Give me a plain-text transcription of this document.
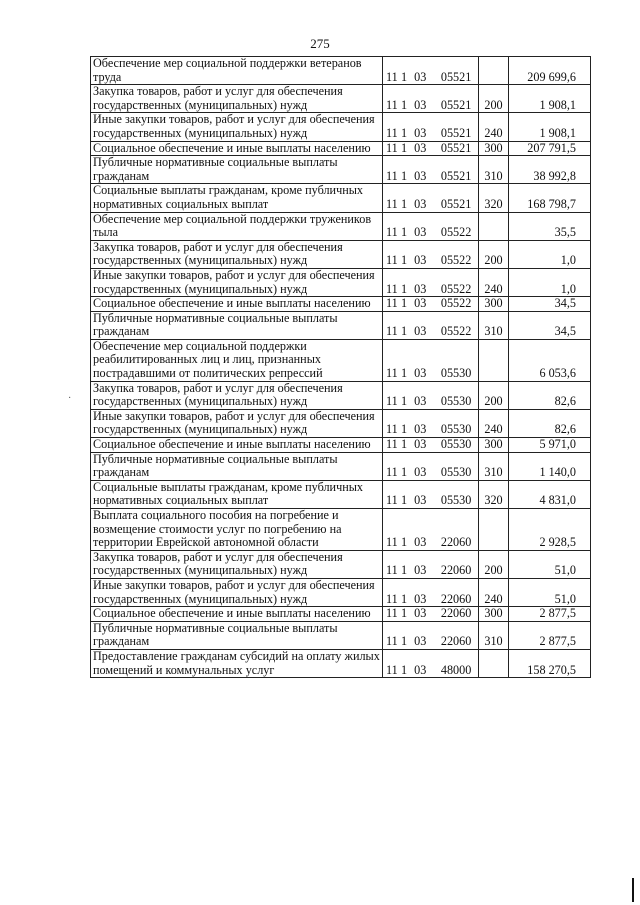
275
·
Обеспечение мер социальной поддержки ветеранов труда	11 1 03 05521		209 699,6
Закупка товаров, работ и услуг для обеспечения государственных (муниципальных) нужд	11 1 03 05521	200	1 908,1
Иные закупки товаров, работ и услуг для обеспечения государственных (муниципальных) нужд	11 1 03 05521	240	1 908,1
Социальное обеспечение и иные выплаты населению	11 1 03 05521	300	207 791,5
Публичные нормативные социальные выплаты гражданам	11 1 03 05521	310	38 992,8
Социальные выплаты гражданам, кроме публичных нормативных социальных выплат	11 1 03 05521	320	168 798,7
Обеспечение мер социальной поддержки тружеников тыла	11 1 03 05522		35,5
Закупка товаров, работ и услуг для обеспечения государственных (муниципальных) нужд	11 1 03 05522	200	1,0
Иные закупки товаров, работ и услуг для обеспечения государственных (муниципальных) нужд	11 1 03 05522	240	1,0
Социальное обеспечение и иные выплаты населению	11 1 03 05522	300	34,5
Публичные нормативные социальные выплаты гражданам	11 1 03 05522	310	34,5
Обеспечение мер социальной поддержки реабилитированных лиц и лиц, признанных пострадавшими от политических репрессий	11 1 03 05530		6 053,6
Закупка товаров, работ и услуг для обеспечения государственных (муниципальных) нужд	11 1 03 05530	200	82,6
Иные закупки товаров, работ и услуг для обеспечения государственных (муниципальных) нужд	11 1 03 05530	240	82,6
Социальное обеспечение и иные выплаты населению	11 1 03 05530	300	5 971,0
Публичные нормативные социальные выплаты гражданам	11 1 03 05530	310	1 140,0
Социальные выплаты гражданам, кроме публичных нормативных социальных выплат	11 1 03 05530	320	4 831,0
Выплата социального пособия на погребение и возмещение стоимости услуг по погребению на территории Еврейской автономной области	11 1 03 22060		2 928,5
Закупка товаров, работ и услуг для обеспечения государственных (муниципальных) нужд	11 1 03 22060	200	51,0
Иные закупки товаров, работ и услуг для обеспечения государственных (муниципальных) нужд	11 1 03 22060	240	51,0
Социальное обеспечение и иные выплаты населению	11 1 03 22060	300	2 877,5
Публичные нормативные социальные выплаты гражданам	11 1 03 22060	310	2 877,5
Предоставление гражданам субсидий на оплату жилых помещений и коммунальных услуг	11 1 03 48000		158 270,5
